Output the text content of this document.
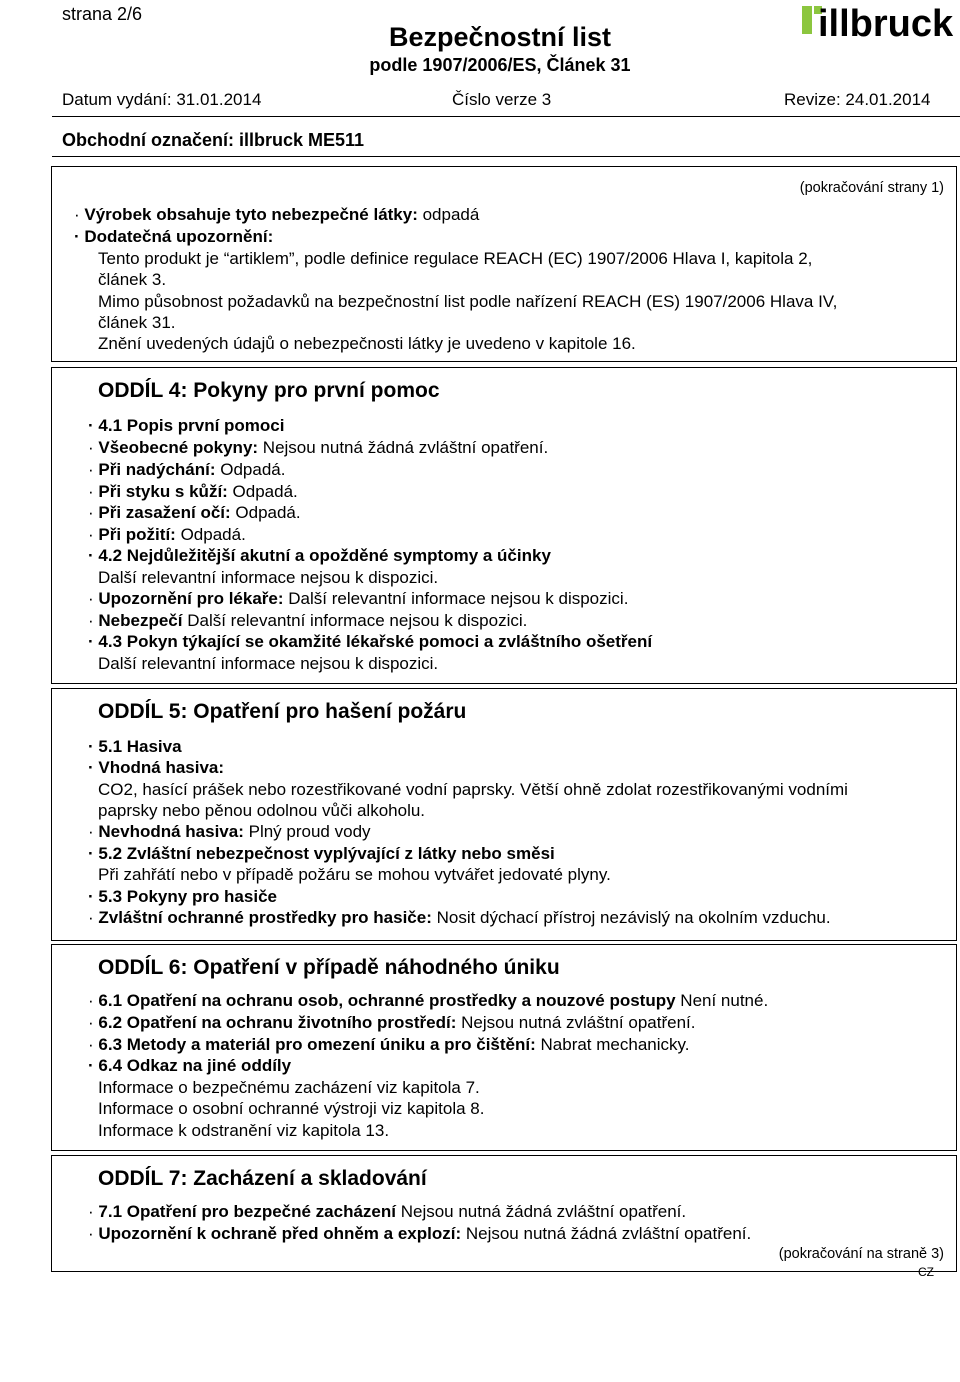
strana 2/6
Bezpečnostní list
podle 1907/2006/ES, Článek 31
illbruck
Datum vydání: 31.01.2014	Číslo verze 3	Revize: 24.01.2014
Obchodní označení: illbruck ME511
(pokračování strany 1)
· Výrobek obsahuje tyto nebezpečné látky: odpadá
· Dodatečná upozornění:
Tento produkt je “artiklem”, podle definice regulace REACH (EC) 1907/2006 Hlava I, kapitola 2,
článek 3.
Mimo působnost požadavků na bezpečnostní list podle nařízení REACH (ES) 1907/2006 Hlava IV,
článek 31.
Znění uvedených údajů o nebezpečnosti látky je uvedeno v kapitole 16.
ODDÍL 4: Pokyny pro první pomoc
· 4.1 Popis první pomoci
· Všeobecné pokyny: Nejsou nutná žádná zvláštní opatření.
· Při nadýchání: Odpadá.
· Při styku s kůží: Odpadá.
· Při zasažení očí: Odpadá.
· Při požití: Odpadá.
· 4.2 Nejdůležitější akutní a opožděné symptomy a účinky
Další relevantní informace nejsou k dispozici.
· Upozornění pro lékaře: Další relevantní informace nejsou k dispozici.
· Nebezpečí Další relevantní informace nejsou k dispozici.
· 4.3 Pokyn týkající se okamžité lékařské pomoci a zvláštního ošetření
Další relevantní informace nejsou k dispozici.
ODDÍL 5: Opatření pro hašení požáru
· 5.1 Hasiva
· Vhodná hasiva:
CO2, hasící prášek nebo rozestřikované vodní paprsky. Větší ohně zdolat rozestřikovanými vodními
paprsky nebo pěnou odolnou vůči alkoholu.
· Nevhodná hasiva: Plný proud vody
· 5.2 Zvláštní nebezpečnost vyplývající z látky nebo směsi
Při zahřátí nebo v případě požáru se mohou vytvářet jedovaté plyny.
· 5.3 Pokyny pro hasiče
· Zvláštní ochranné prostředky pro hasiče: Nosit dýchací přístroj nezávislý na okolním vzduchu.
ODDÍL 6: Opatření v případě náhodného úniku
· 6.1 Opatření na ochranu osob, ochranné prostředky a nouzové postupy Není nutné.
· 6.2 Opatření na ochranu životního prostředí: Nejsou nutná zvláštní opatření.
· 6.3 Metody a materiál pro omezení úniku a pro čištění: Nabrat mechanicky.
· 6.4 Odkaz na jiné oddíly
Informace o bezpečnému zacházení viz kapitola 7.
Informace o osobní ochranné výstroji viz kapitola 8.
Informace k odstranění viz kapitola 13.
ODDÍL 7: Zacházení a skladování
· 7.1 Opatření pro bezpečné zacházení Nejsou nutná žádná zvláštní opatření.
· Upozornění k ochraně před ohněm a explozí: Nejsou nutná žádná zvláštní opatření.
(pokračování na straně 3)
CZ
